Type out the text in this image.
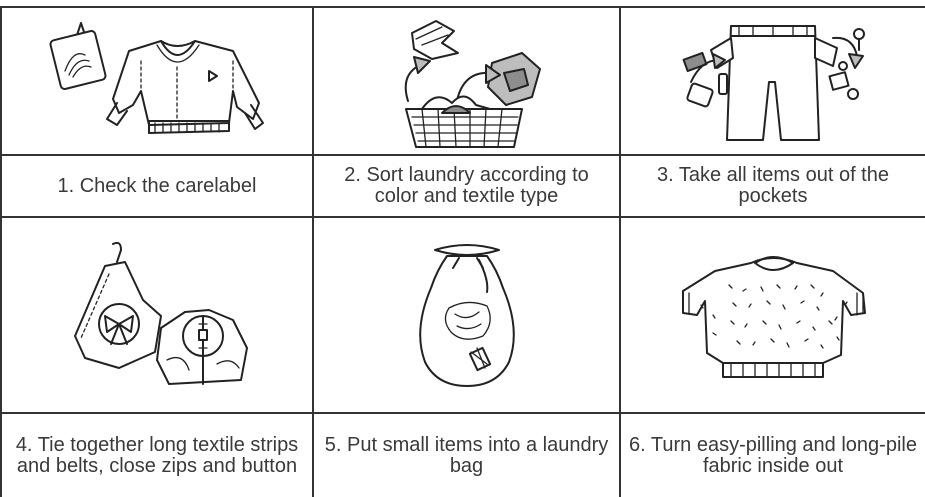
1. Check the carelabel	2. Sort laundry according to color and textile type
3. Take all items out of the pockets
4. Tie together long textile strips and belts, close zips and button
5. Put small items into a laundry bag
6. Turn easy-pilling and long-pile fabric inside out
